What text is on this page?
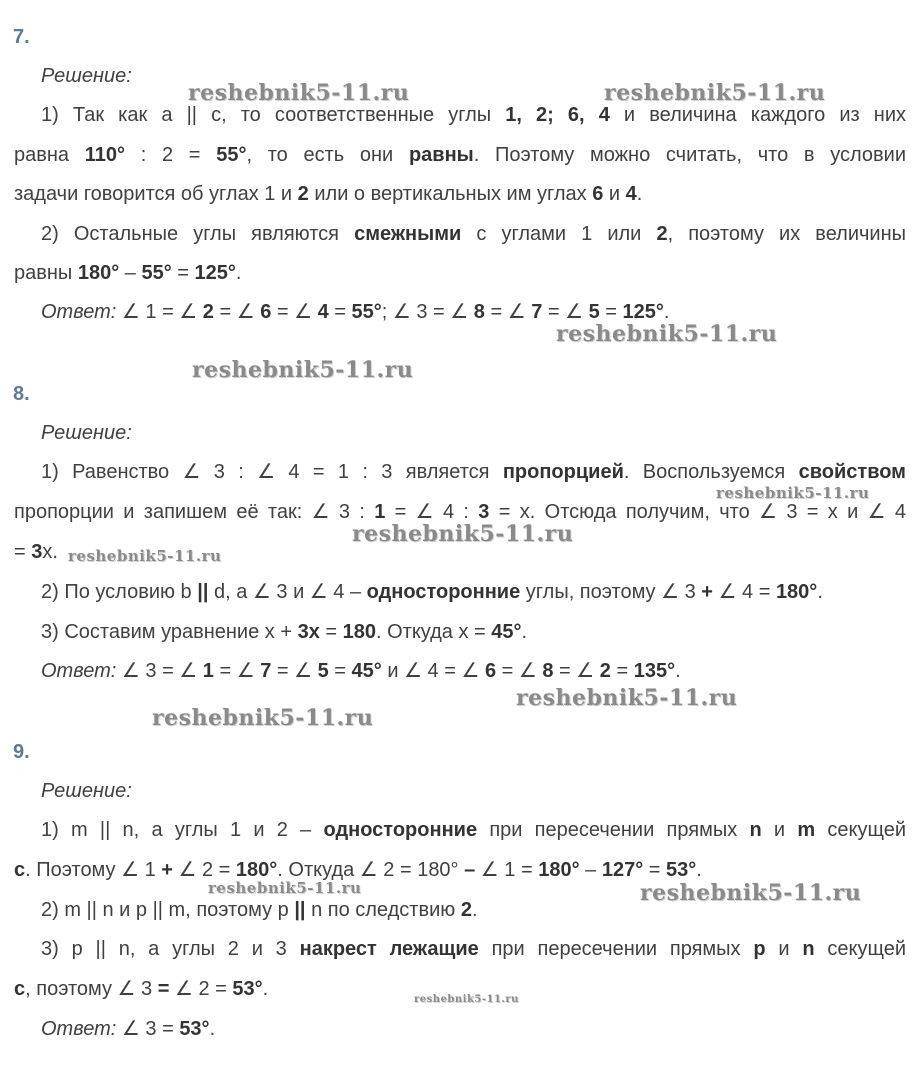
7.
Решение:
1) Так как a || c, то соответственные углы 1, 2; 6, 4 и величина каждого из них
равна 110° : 2 = 55°, то есть они равны. Поэтому можно считать, что в условии
задачи говорится об углах 1 и 2 или о вертикальных им углах 6 и 4.
2) Остальные углы являются смежными с углами 1 или 2, поэтому их величины
равны 180° – 55° = 125°.
Ответ: ∠ 1 = ∠ 2 = ∠ 6 = ∠ 4 = 55°; ∠ 3 = ∠ 8 = ∠ 7 = ∠ 5 = 125°.
8.
Решение:
1) Равенство ∠ 3 : ∠ 4 = 1 : 3 является пропорцией. Воспользуемся свойством
пропорции и запишем её так: ∠ 3 : 1 = ∠ 4 : 3 = x. Отсюда получим, что ∠ 3 = x и ∠ 4
= 3x.
2) По условию b || d, а ∠ 3 и ∠ 4 – односторонние углы, поэтому ∠ 3 + ∠ 4 = 180°.
3) Составим уравнение x + 3x = 180. Откуда x = 45°.
Ответ: ∠ 3 = ∠ 1 = ∠ 7 = ∠ 5 = 45° и ∠ 4 = ∠ 6 = ∠ 8 = ∠ 2 = 135°.
9.
Решение:
1) m || n, а углы 1 и 2 – односторонние при пересечении прямых n и m секущей
c. Поэтому ∠ 1 + ∠ 2 = 180°. Откуда ∠ 2 = 180° – ∠ 1 = 180° – 127° = 53°.
2) m || n и p || m, поэтому p || n по следствию 2.
3) p || n, а углы 2 и 3 накрест лежащие при пересечении прямых p и n секущей
c, поэтому ∠ 3 = ∠ 2 = 53°.
Ответ: ∠ 3 = 53°.
reshebnik5-11.ru	reshebnik5-11.ru
reshebnik5-11.ru
reshebnik5-11.ru
reshebnik5-11.ru
reshebnik5-11.ru
reshebnik5-11.ru
reshebnik5-11.ru
reshebnik5-11.ru
reshebnik5-11.ru	reshebnik5-11.ru
reshebnik5-11.ru
